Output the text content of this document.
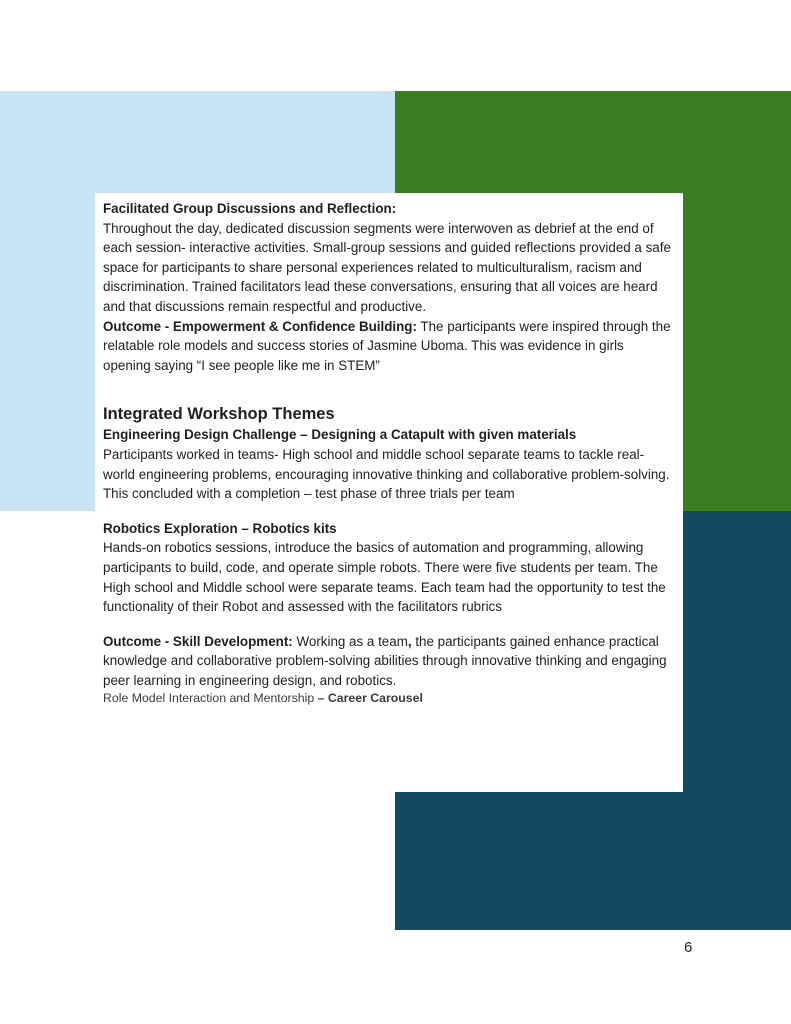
Facilitated Group Discussions and Reflection:
Throughout the day, dedicated discussion segments were interwoven as debrief at the end of each session- interactive activities. Small-group sessions and guided reflections provided a safe space for participants to share personal experiences related to multiculturalism, racism and discrimination. Trained facilitators lead these conversations, ensuring that all voices are heard and that discussions remain respectful and productive.
Outcome - Empowerment & Confidence Building: The participants were inspired through the relatable role models and success stories of Jasmine Uboma. This was evidence in girls opening saying “I see people like me in STEM”
Integrated Workshop Themes
Engineering Design Challenge – Designing a Catapult with given materials
Participants worked in teams- High school and middle school separate teams to tackle real-world engineering problems, encouraging innovative thinking and collaborative problem-solving. This concluded with a completion – test phase of three trials per team
Robotics Exploration – Robotics kits
Hands-on robotics sessions, introduce the basics of automation and programming, allowing participants to build, code, and operate simple robots. There were five students per team. The High school and Middle school were separate teams. Each team had the opportunity to test the functionality of their Robot and assessed with the facilitators rubrics
Outcome - Skill Development: Working as a team, the participants gained enhance practical knowledge and collaborative problem-solving abilities through innovative thinking and engaging peer learning in engineering design, and robotics.
Role Model Interaction and Mentorship – Career Carousel
6
